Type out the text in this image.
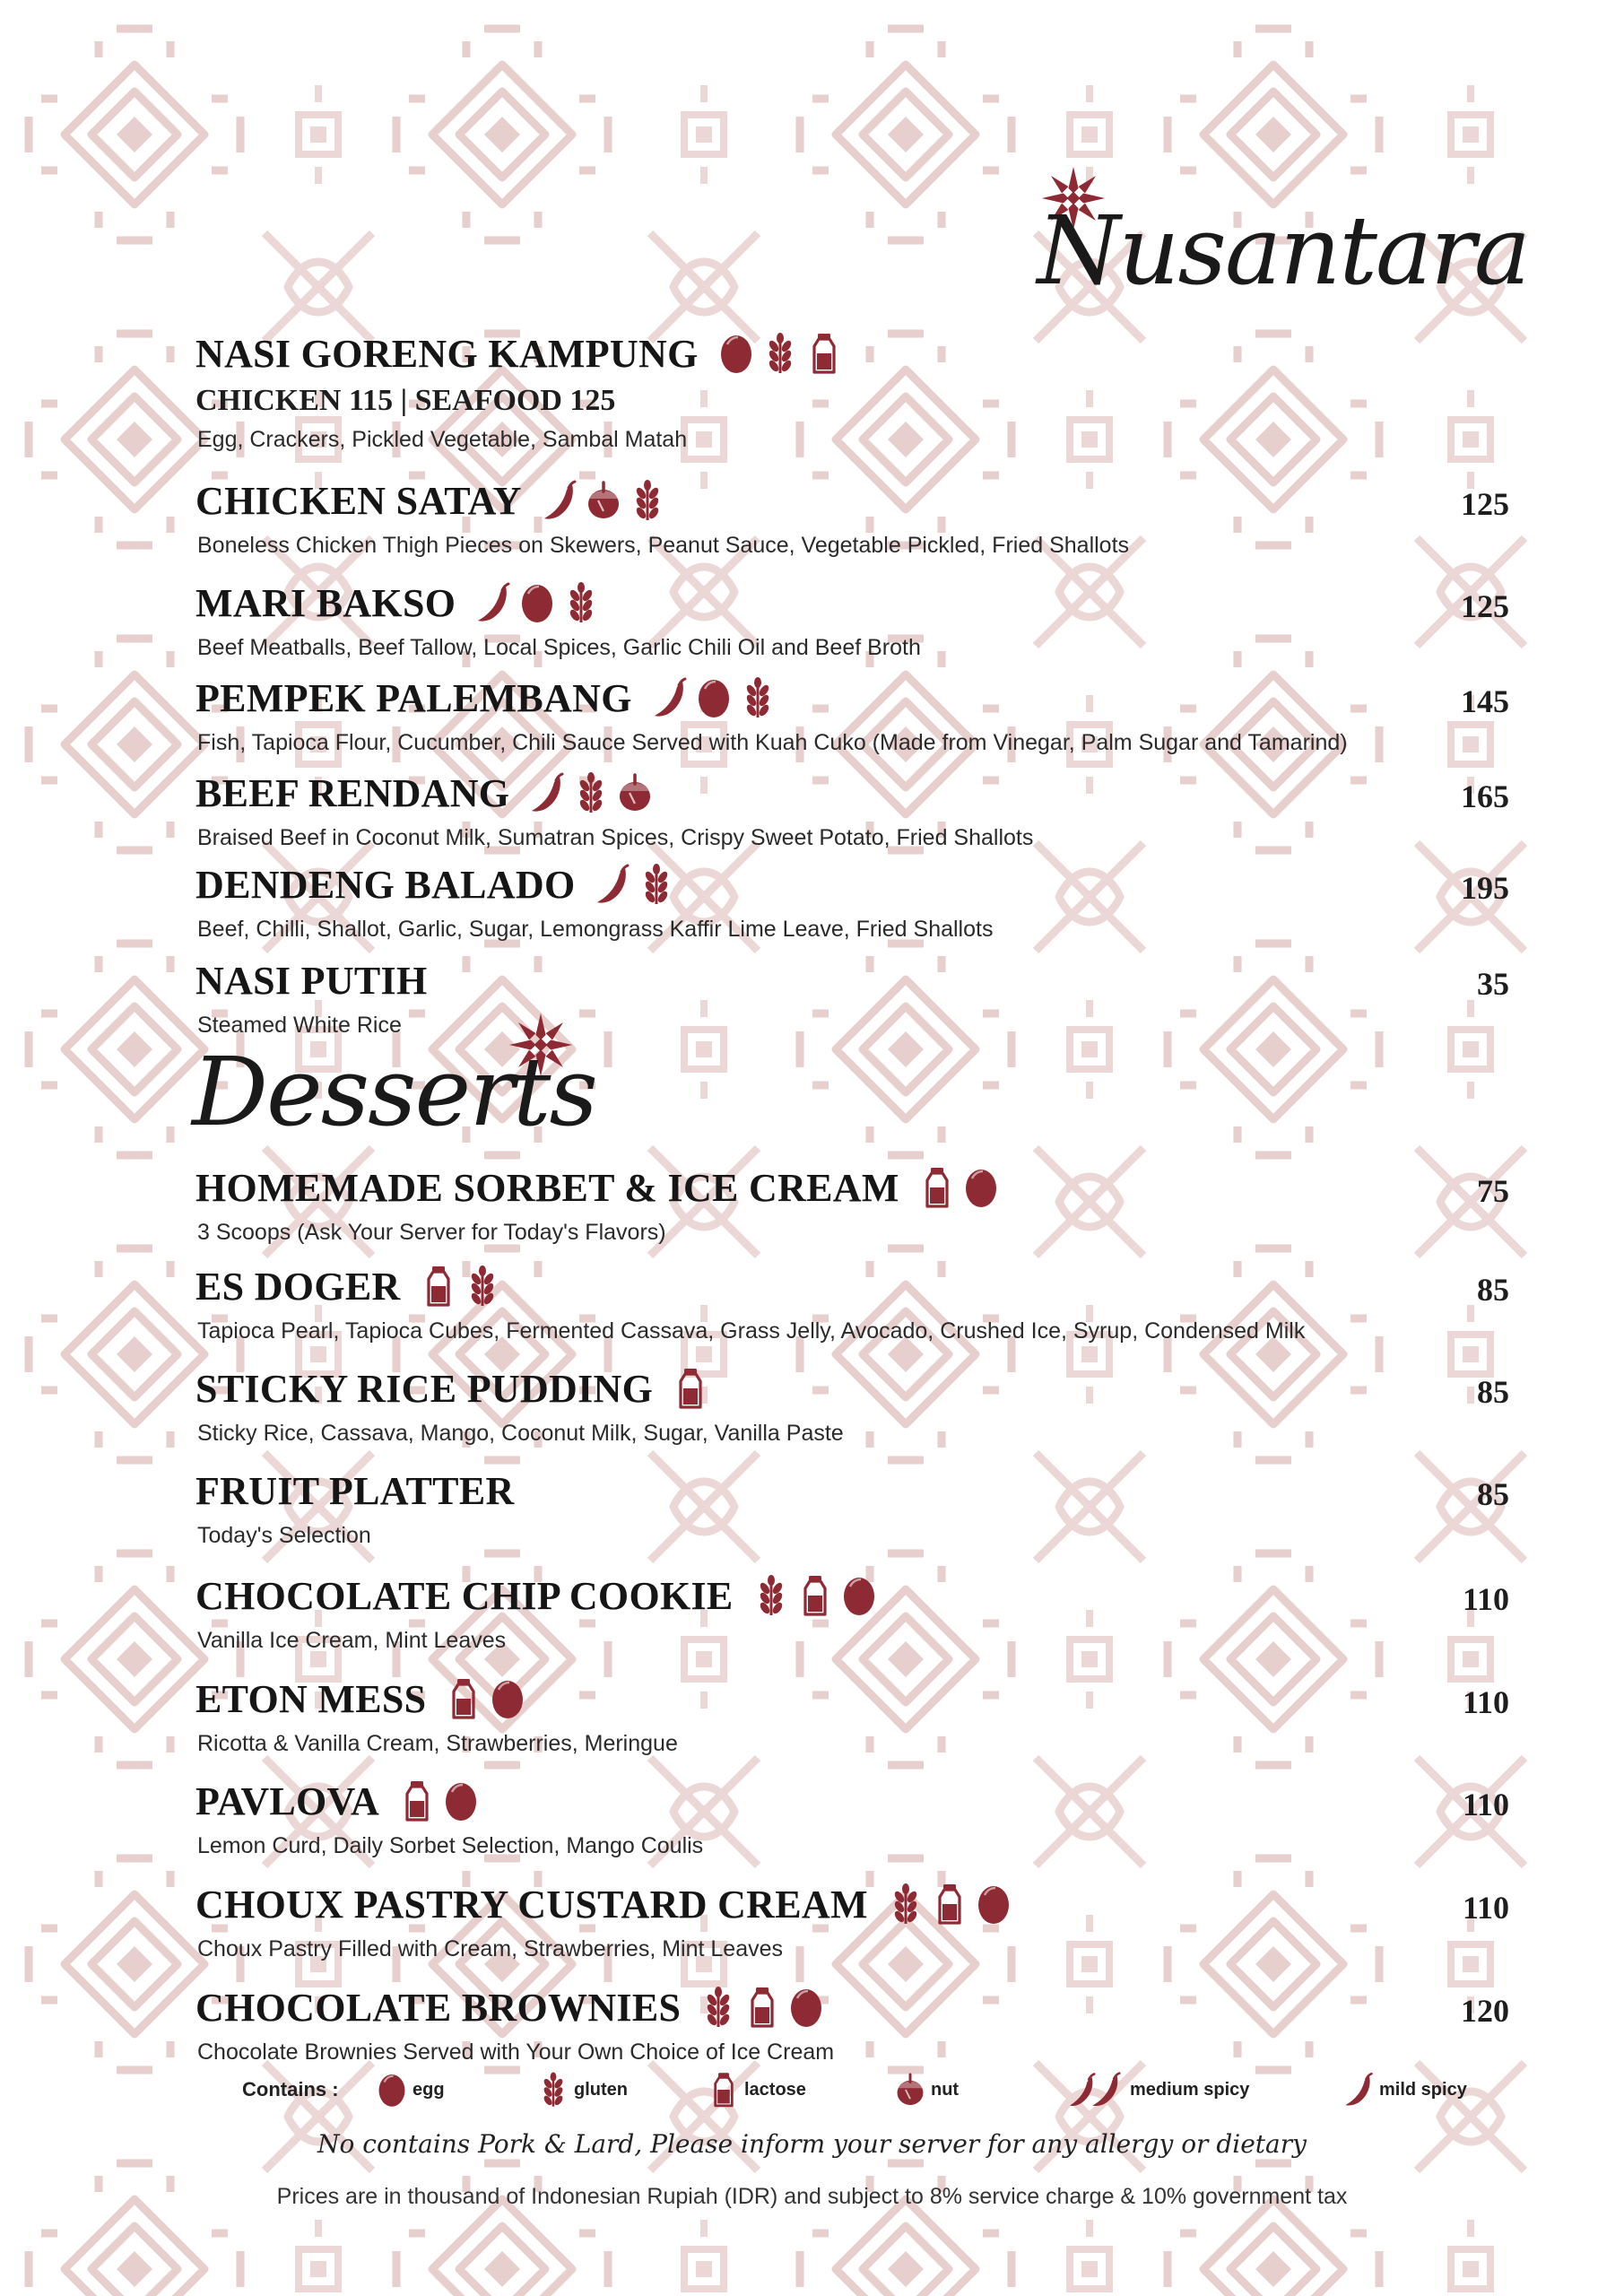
Nusantara
Desserts
NASI GORENG KAMPUNG
CHICKEN 115 | SEAFOOD 125
Egg, Crackers, Pickled Vegetable, Sambal Matah
CHICKEN SATAY
Boneless Chicken Thigh Pieces on Skewers, Peanut Sauce, Vegetable Pickled, Fried Shallots
125
MARI BAKSO
Beef Meatballs, Beef Tallow, Local Spices, Garlic Chili Oil and Beef Broth
125
PEMPEK PALEMBANG
Fish, Tapioca Flour, Cucumber, Chili Sauce Served with Kuah Cuko (Made from Vinegar, Palm Sugar and Tamarind)
145
BEEF RENDANG
Braised Beef in Coconut Milk, Sumatran Spices, Crispy Sweet Potato, Fried Shallots
165
DENDENG BALADO
Beef, Chilli, Shallot, Garlic, Sugar, Lemongrass Kaffir Lime Leave, Fried Shallots
195
NASI PUTIH
Steamed White Rice
35
HOMEMADE SORBET & ICE CREAM
3 Scoops (Ask Your Server for Today's Flavors)
75
ES DOGER
Tapioca Pearl, Tapioca Cubes, Fermented Cassava, Grass Jelly, Avocado, Crushed Ice, Syrup, Condensed Milk
85
STICKY RICE PUDDING
Sticky Rice, Cassava, Mango, Coconut Milk, Sugar, Vanilla Paste
85
FRUIT PLATTER
Today's Selection
85
CHOCOLATE CHIP COOKIE
Vanilla Ice Cream, Mint Leaves
110
ETON MESS
Ricotta & Vanilla Cream, Strawberries, Meringue
110
PAVLOVA
Lemon Curd, Daily Sorbet Selection, Mango Coulis
110
CHOUX PASTRY CUSTARD CREAM
Choux Pastry Filled with Cream, Strawberries, Mint Leaves
110
CHOCOLATE BROWNIES
Chocolate Brownies Served with Your Own Choice of Ice Cream
120
Contains :	egg	gluten	lactose	nut	medium spicy	mild spicy
No contains Pork & Lard, Please inform your server for any allergy or dietary
Prices are in thousand of Indonesian Rupiah (IDR) and subject to 8% service charge & 10% government tax
